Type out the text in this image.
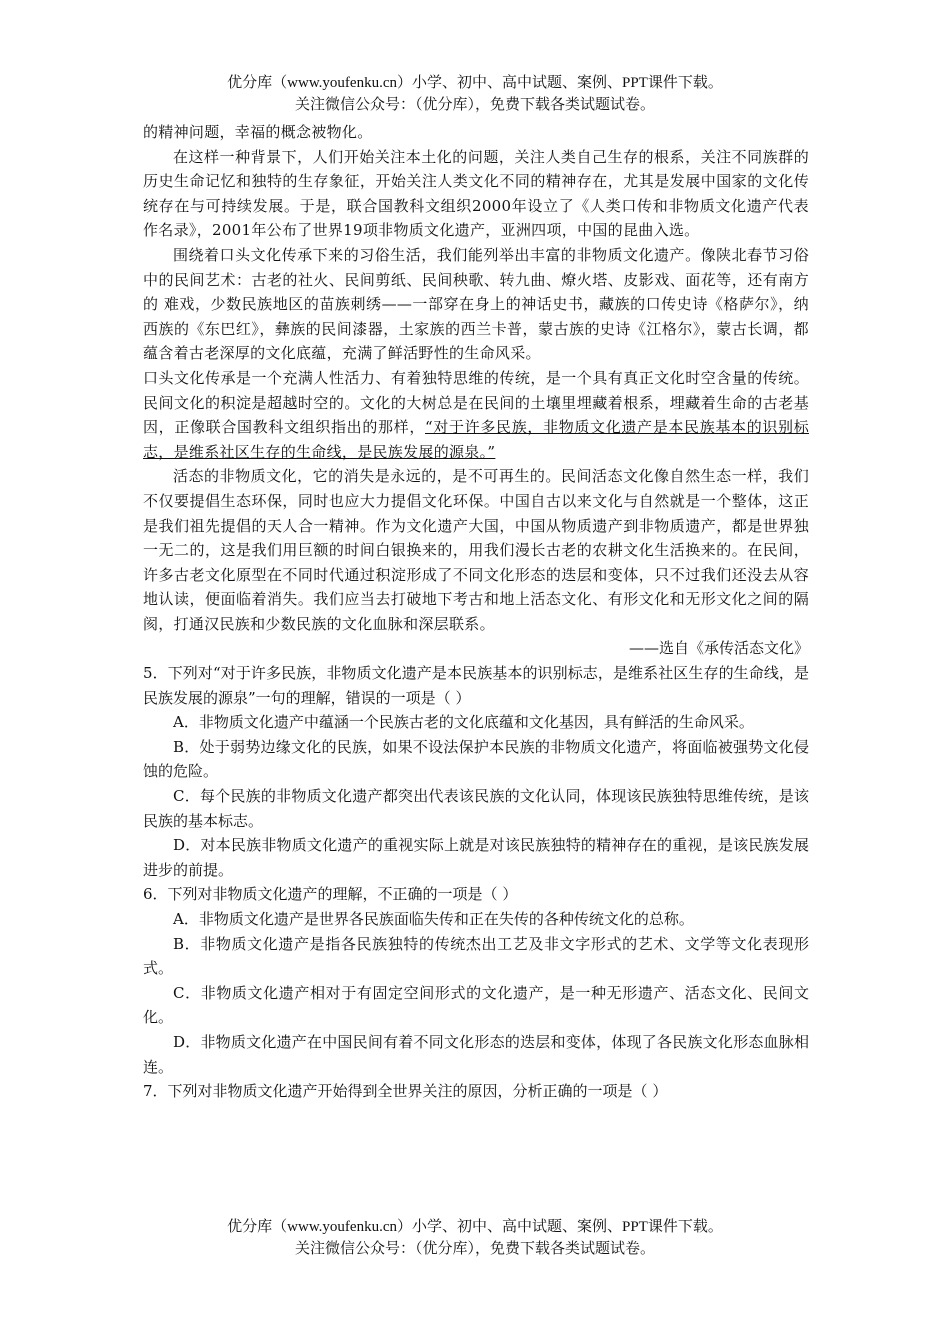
优分库（www.youfenku.cn）小学、初中、高中试题、案例、PPT课件下载。
关注微信公众号：（优分库），免费下载各类试题试卷。

的精神问题，幸福的概念被物化。

在这样一种背景下，人们开始关注本土化的问题，关注人类自己生存的根系，关注不同族群的历史生命记忆和独特的生存象征，开始关注人类文化不同的精神存在，尤其是发展中国家的文化传统存在与可持续发展。于是，联合国教科文组织2000年设立了《人类口传和非物质文化遗产代表作名录》，2001年公布了世界19项非物质文化遗产，亚洲四项，中国的昆曲入选。

围绕着口头文化传承下来的习俗生活，我们能列举出丰富的非物质文化遗产。像陕北春节习俗中的民间艺术：古老的社火、民间剪纸、民间秧歌、转九曲、燎火塔、皮影戏、面花等，还有南方的 难戏，少数民族地区的苗族刺绣——一部穿在身上的神话史书，藏族的口传史诗《格萨尔》，纳西族的《东巴红》，彝族的民间漆器，土家族的西兰卡普，蒙古族的史诗《江格尔》，蒙古长调，都蕴含着古老深厚的文化底蕴，充满了鲜活野性的生命风采。

口头文化传承是一个充满人性活力、有着独特思维的传统，是一个具有真正文化时空含量的传统。民间文化的积淀是超越时空的。文化的大树总是在民间的土壤里埋藏着根系，埋藏着生命的古老基因，正像联合国教科文组织指出的那样，“对于许多民族，非物质文化遗产是本民族基本的识别标志，是维系社区生存的生命线，是民族发展的源泉。”

活态的非物质文化，它的消失是永远的，是不可再生的。民间活态文化像自然生态一样，我们不仅要提倡生态环保，同时也应大力提倡文化环保。中国自古以来文化与自然就是一个整体，这正是我们祖先提倡的天人合一精神。作为文化遗产大国，中国从物质遗产到非物质遗产，都是世界独一无二的，这是我们用巨额的时间白银换来的，用我们漫长古老的农耕文化生活换来的。在民间，许多古老文化原型在不同时代通过积淀形成了不同文化形态的迭层和变体，只不过我们还没去从容地认读，便面临着消失。我们应当去打破地下考古和地上活态文化、有形文化和无形文化之间的隔阂，打通汉民族和少数民族的文化血脉和深层联系。

——选自《承传活态文化》

5．下列对“对于许多民族，非物质文化遗产是本民族基本的识别标志，是维系社区生存的生命线，是民族发展的源泉”一句的理解，错误的一项是（ ）

A．非物质文化遗产中蕴涵一个民族古老的文化底蕴和文化基因，具有鲜活的生命风采。

B．处于弱势边缘文化的民族，如果不设法保护本民族的非物质文化遗产，将面临被强势文化侵蚀的危险。

C．每个民族的非物质文化遗产都突出代表该民族的文化认同，体现该民族独特思维传统，是该民族的基本标志。

D．对本民族非物质文化遗产的重视实际上就是对该民族独特的精神存在的重视，是该民族发展进步的前提。

6．下列对非物质文化遗产的理解，不正确的一项是（ ）

A．非物质文化遗产是世界各民族面临失传和正在失传的各种传统文化的总称。

B．非物质文化遗产是指各民族独特的传统杰出工艺及非文字形式的艺术、文学等文化表现形式。

C．非物质文化遗产相对于有固定空间形式的文化遗产，是一种无形遗产、活态文化、民间文化。

D．非物质文化遗产在中国民间有着不同文化形态的迭层和变体，体现了各民族文化形态血脉相连。

7．下列对非物质文化遗产开始得到全世界关注的原因，分析正确的一项是（ ）

优分库（www.youfenku.cn）小学、初中、高中试题、案例、PPT课件下载。
关注微信公众号：（优分库），免费下载各类试题试卷。
